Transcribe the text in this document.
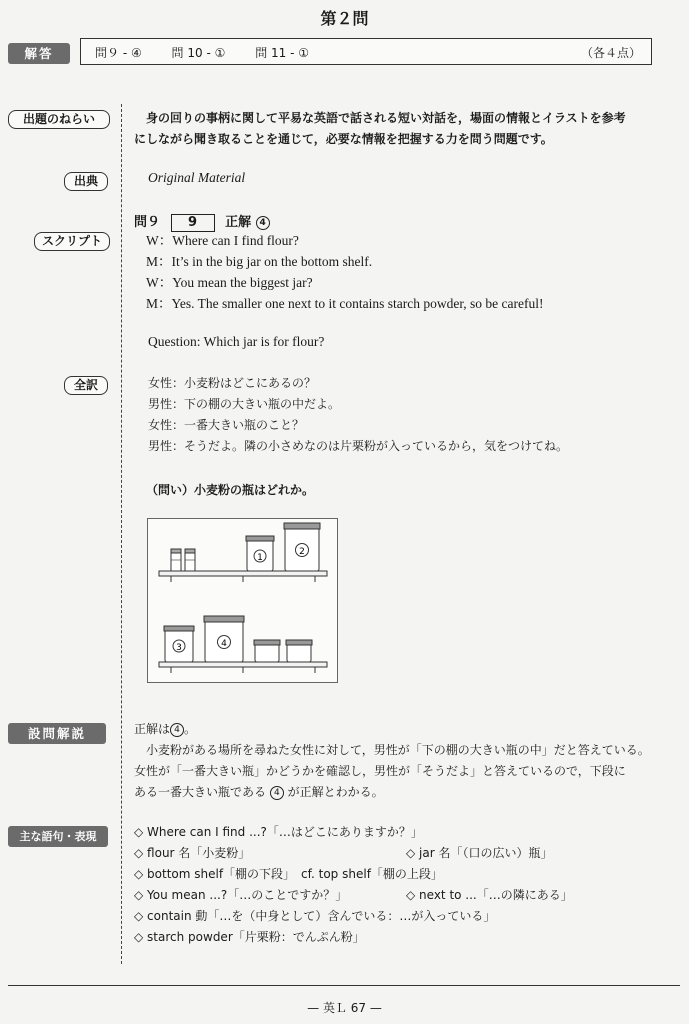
第２問
解答	問９ - ④ 問 10 - ① 問 11 - ①	（各４点）
出題のねらい	　身の回りの事柄に関して平易な英語で話される短い対話を，場面の情報とイラストを参考
にしながら聞き取ることを通じて，必要な情報を把握する力を問う問題です。
出典	Original Material
問９ 9 正解 4
スクリプト	W：Where can I find flour?
M：It’s in the big jar on the bottom shelf.
W：You mean the biggest jar?
M：Yes. The smaller one next to it contains starch powder, so be careful!
Question: Which jar is for flour?
全訳	女性：小麦粉はどこにあるの？
男性：下の棚の大きい瓶の中だよ。
女性：一番大きい瓶のこと？
男性：そうだよ。隣の小さめなのは片栗粉が入っているから，気をつけてね。
（問い）小麦粉の瓶はどれか。
1
2
3	4
設問解説	正解は 4 。
　小麦粉がある場所を尋ねた女性に対して，男性が「下の棚の大きい瓶の中」だと答えている。
女性が「一番大きい瓶」かどうかを確認し，男性が「そうだよ」と答えているので，下段に
ある一番大きい瓶である 4 が正解とわかる。
主な語句・表現	◇ Where can I find ...?「…はどこにありますか？」
◇ flour 名「小麦粉」	◇ jar 名「（口の広い）瓶」
◇ bottom shelf「棚の下段」　cf. top shelf「棚の上段」
◇ You mean ...?「…のことですか？」	◇ next to ...「…の隣にある」
◇ contain 動「…を（中身として）含んでいる：…が入っている」
◇ starch powder「片栗粉：でんぷん粉」
— 英Ｌ 67 —
